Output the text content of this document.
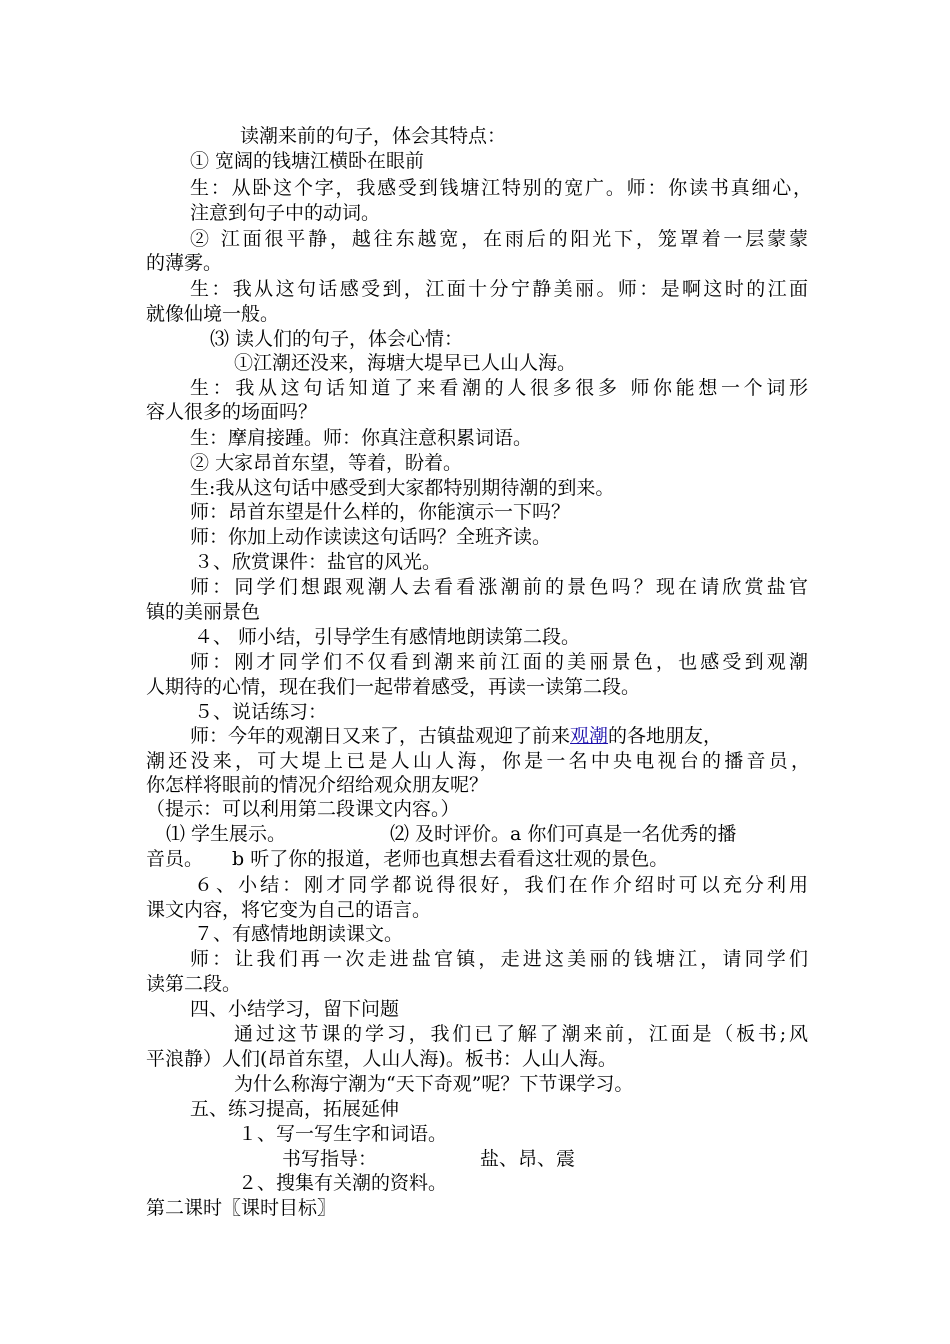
读潮来前的句子，体会其特点：
① 宽阔的钱塘江横卧在眼前
生：从卧这个字，我感受到钱塘江特别的宽广。师：你读书真细心，
注意到句子中的动词。
② 江面很平静，越往东越宽，在雨后的阳光下，笼罩着一层蒙蒙
的薄雾。
生：我从这句话感受到，江面十分宁静美丽。师：是啊这时的江面
就像仙境一般。
⑶ 读人们的句子，体会心情：
①江潮还没来，海塘大堤早已人山人海。
生：我从这句话知道了来看潮的人很多很多 师你能想一个词形
容人很多的场面吗？
生：摩肩接踵。师：你真注意积累词语。
② 大家昂首东望，等着，盼着。
生:我从这句话中感受到大家都特别期待潮的到来。
师：昂首东望是什么样的，你能演示一下吗？
师：你加上动作读读这句话吗？全班齐读。
３、欣赏课件：盐官的风光。
师：同学们想跟观潮人去看看涨潮前的景色吗？现在请欣赏盐官
镇的美丽景色
４、 师小结，引导学生有感情地朗读第二段。
师：刚才同学们不仅看到潮来前江面的美丽景色，也感受到观潮
人期待的心情，现在我们一起带着感受，再读一读第二段。
５、说话练习：
师：今年的观潮日又来了，古镇盐观迎了前来观潮的各地朋友，
潮还没来，可大堤上已是人山人海，你是一名中央电视台的播音员，
你怎样将眼前的情况介绍给观众朋友呢？
（提示：可以利用第二段课文内容。）
⑴ 学生展示。	⑵ 及时评价。a 你们可真是一名优秀的播
音员。	b 听了你的报道，老师也真想去看看这壮观的景色。
６、小结：刚才同学都说得很好，我们在作介绍时可以充分利用
课文内容，将它变为自己的语言。
７、有感情地朗读课文。
师：让我们再一次走进盐官镇，走进这美丽的钱塘江，请同学们
读第二段。
四、小结学习，留下问题
通过这节课的学习，我们已了解了潮来前，江面是（板书;风
平浪静）人们(昂首东望，人山人海)。板书：人山人海。
为什么称海宁潮为“天下奇观”呢？下节课学习。
五、练习提高，拓展延伸
１、写一写生字和词语。
书写指导：	盐、昂、震
２、搜集有关潮的资料。
第二课时〖课时目标〗
